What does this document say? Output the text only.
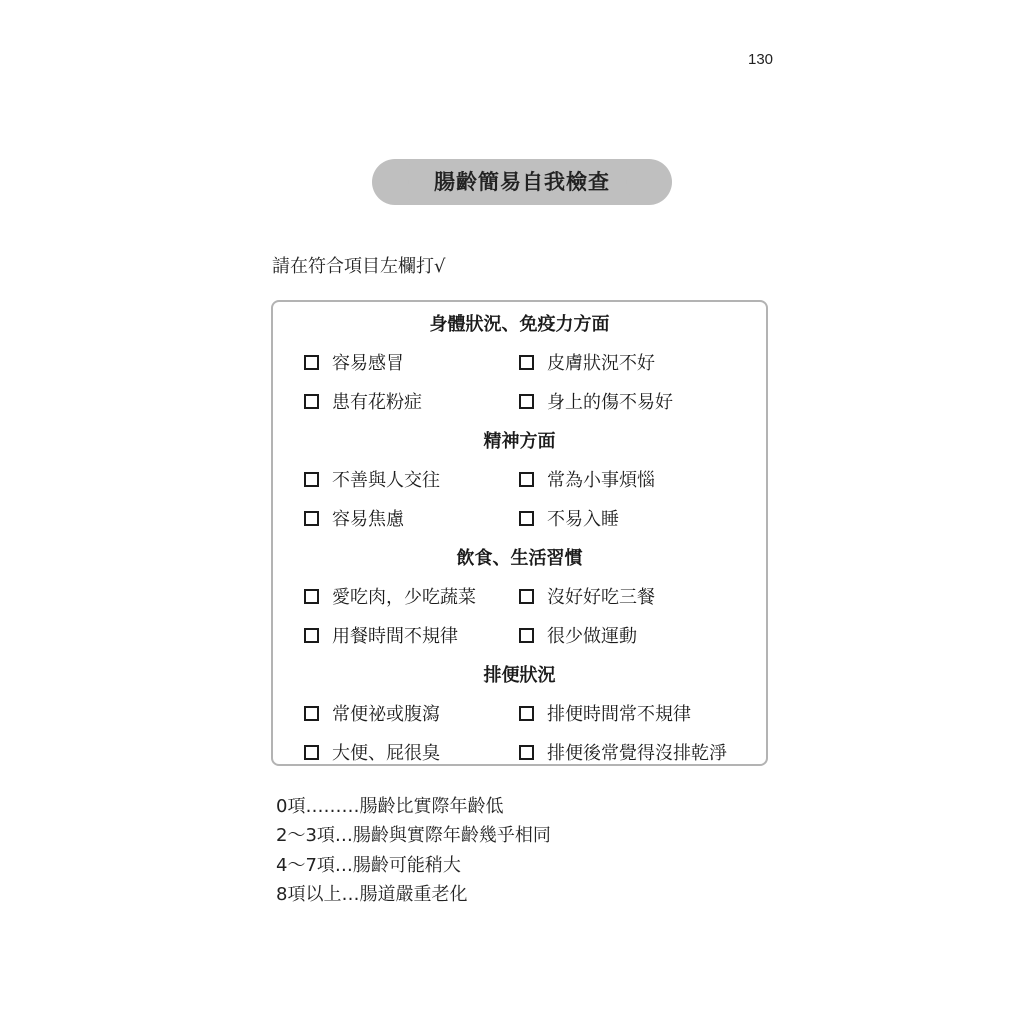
130
腸齡簡易自我檢查
請在符合項目左欄打√
身體狀況、免疫力方面
容易感冒	皮膚狀況不好
患有花粉症	身上的傷不易好
精神方面
不善與人交往	常為小事煩惱
容易焦慮	不易入睡
飲食、生活習慣
愛吃肉，少吃蔬菜	沒好好吃三餐
用餐時間不規律	很少做運動
排便狀況
常便祕或腹瀉	排便時間常不規律
大便、屁很臭	排便後常覺得沒排乾淨
0項………腸齡比實際年齡低
2～3項…腸齡與實際年齡幾乎相同
4～7項…腸齡可能稍大
8項以上…腸道嚴重老化
